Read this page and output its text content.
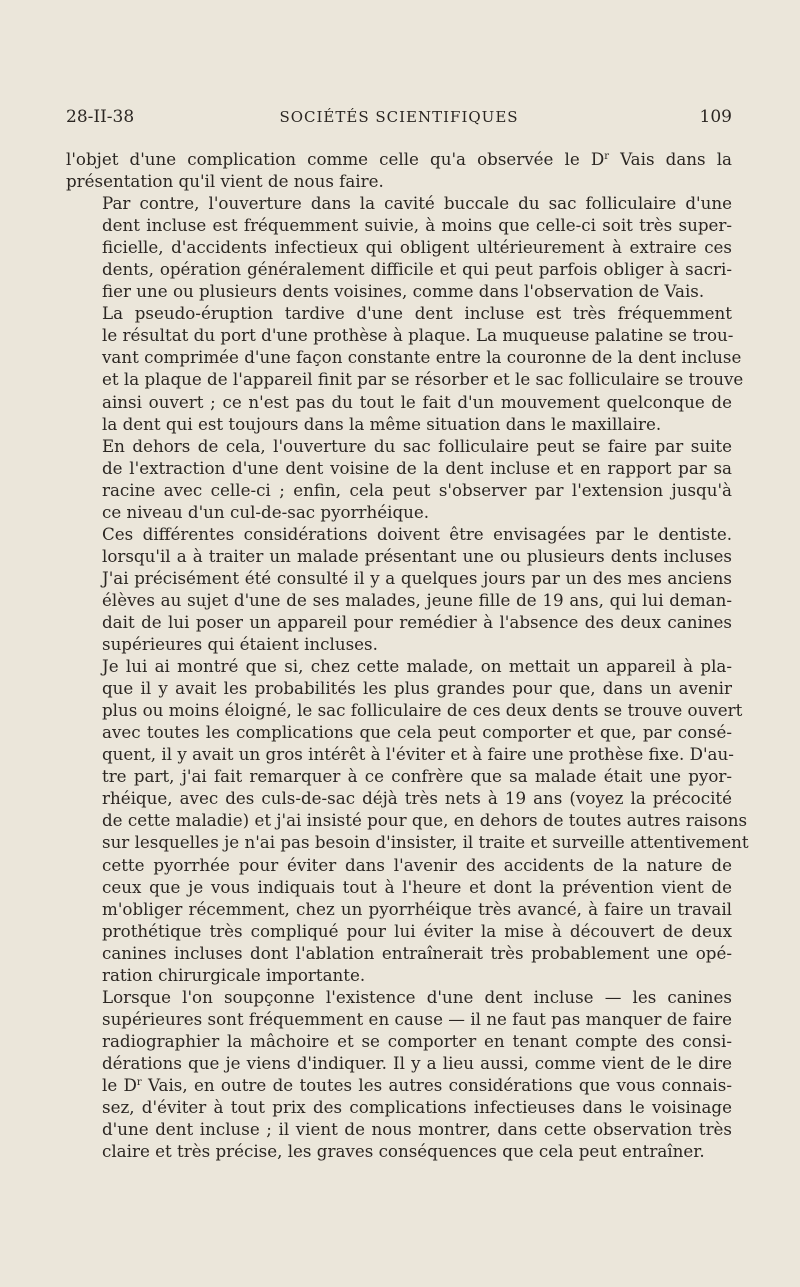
28-II-38	SOCIÉTÉS SCIENTIFIQUES	109

l'objet d'une complication comme celle qu'a observée le $D^r$ Vais dans la
présentation qu'il vient de nous faire.

Par contre, l'ouverture dans la cavité buccale du sac folliculaire d'une
dent incluse est fréquemment suivie, à moins que celle-ci soit très super-
ficielle, d'accidents infectieux qui obligent ultérieurement à extraire ces
dents, opération généralement difficile et qui peut parfois obliger à sacri-
fier une ou plusieurs dents voisines, comme dans l'observation de Vais.

La pseudo-éruption tardive d'une dent incluse est très fréquemment
le résultat du port d'une prothèse à plaque. La muqueuse palatine se trou-
vant comprimée d'une façon constante entre la couronne de la dent incluse
et la plaque de l'appareil finit par se résorber et le sac folliculaire se trouve
ainsi ouvert ; ce n'est pas du tout le fait d'un mouvement quelconque de
la dent qui est toujours dans la même situation dans le maxillaire.

En dehors de cela, l'ouverture du sac folliculaire peut se faire par suite
de l'extraction d'une dent voisine de la dent incluse et en rapport par sa
racine avec celle-ci ; enfin, cela peut s'observer par l'extension jusqu'à
ce niveau d'un cul-de-sac pyorrhéique.

Ces différentes considérations doivent être envisagées par le dentiste.
lorsqu'il a à traiter un malade présentant une ou plusieurs dents incluses
J'ai précisément été consulté il y a quelques jours par un des mes anciens
élèves au sujet d'une de ses malades, jeune fille de 19 ans, qui lui deman-
dait de lui poser un appareil pour remédier à l'absence des deux canines
supérieures qui étaient incluses.

Je lui ai montré que si, chez cette malade, on mettait un appareil à pla-
que il y avait les probabilités les plus grandes pour que, dans un avenir
plus ou moins éloigné, le sac folliculaire de ces deux dents se trouve ouvert
avec toutes les complications que cela peut comporter et que, par consé-
quent, il y avait un gros intérêt à l'éviter et à faire une prothèse fixe. D'au-
tre part, j'ai fait remarquer à ce confrère que sa malade était une pyor-
rhéique, avec des culs-de-sac déjà très nets à 19 ans (voyez la précocité
de cette maladie) et j'ai insisté pour que, en dehors de toutes autres raisons
sur lesquelles je n'ai pas besoin d'insister, il traite et surveille attentivement
cette pyorrhée pour éviter dans l'avenir des accidents de la nature de
ceux que je vous indiquais tout à l'heure et dont la prévention vient de
m'obliger récemment, chez un pyorrhéique très avancé, à faire un travail
prothétique très compliqué pour lui éviter la mise à découvert de deux
canines incluses dont l'ablation entraînerait très probablement une opé-
ration chirurgicale importante.

Lorsque l'on soupçonne l'existence d'une dent incluse — les canines
supérieures sont fréquemment en cause — il ne faut pas manquer de faire
radiographier la mâchoire et se comporter en tenant compte des consi-
dérations que je viens d'indiquer. Il y a lieu aussi, comme vient de le dire
le $D^r$ Vais, en outre de toutes les autres considérations que vous connais-
sez, d'éviter à tout prix des complications infectieuses dans le voisinage
d'une dent incluse ; il vient de nous montrer, dans cette observation très
claire et très précise, les graves conséquences que cela peut entraîner.
